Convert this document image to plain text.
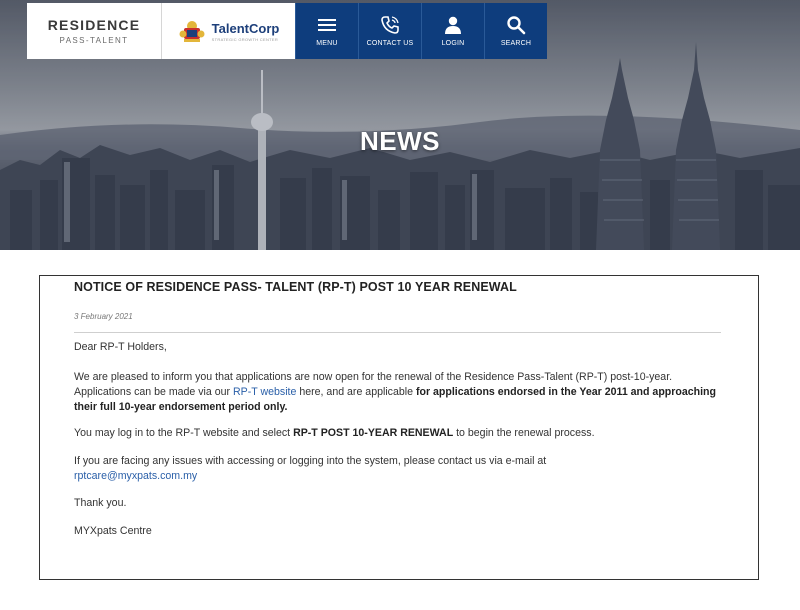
NEWS
RESIDENCE
PASS-TALENT
TalentCorp
STRATEGIC GROWTH CENTER
MENU	CONTACT US	LOGIN	SEARCH
NOTICE OF RESIDENCE PASS- TALENT (RP-T) POST 10 YEAR RENEWAL
3 February 2021
Dear RP-T Holders,
We are pleased to inform you that applications are now open for the renewal of the Residence Pass-Talent (RP-T) post-10-year. Applications can be made via our RP-T website here, and are applicable for applications endorsed in the Year 2011 and approaching their full 10-year endorsement period only.
You may log in to the RP-T website and select RP-T POST 10-YEAR RENEWAL to begin the renewal process.
If you are facing any issues with accessing or logging into the system, please contact us via e-mail at
rptcare@myxpats.com.my
Thank you.
MYXpats Centre
